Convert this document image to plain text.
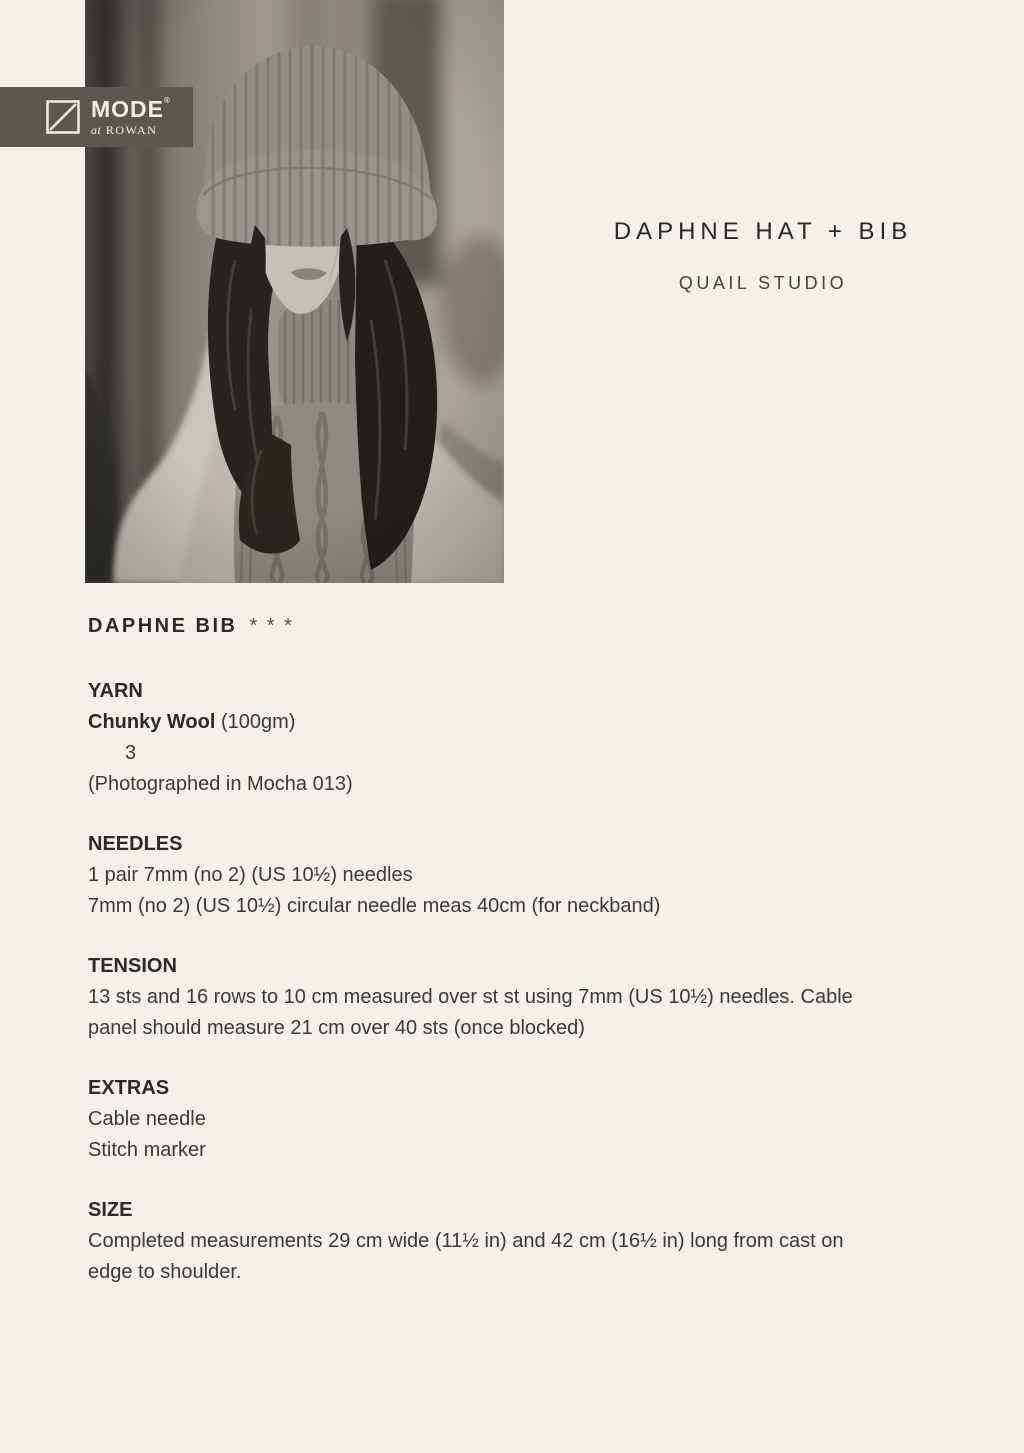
MODE®
at ROWAN
DAPHNE HAT + BIB
QUAIL STUDIO
DAPHNE BIB * * *
YARN
Chunky Wool (100gm)
3
(Photographed in Mocha 013)
NEEDLES
1 pair 7mm (no 2) (US 10½) needles
7mm (no 2) (US 10½) circular needle meas 40cm (for neckband)
TENSION
13 sts and 16 rows to 10 cm measured over st st using 7mm (US 10½) needles. Cable panel should measure 21 cm over 40 sts (once blocked)
EXTRAS
Cable needle
Stitch marker
SIZE
Completed measurements 29 cm wide (11½ in) and 42 cm (16½ in) long from cast on edge to shoulder.
